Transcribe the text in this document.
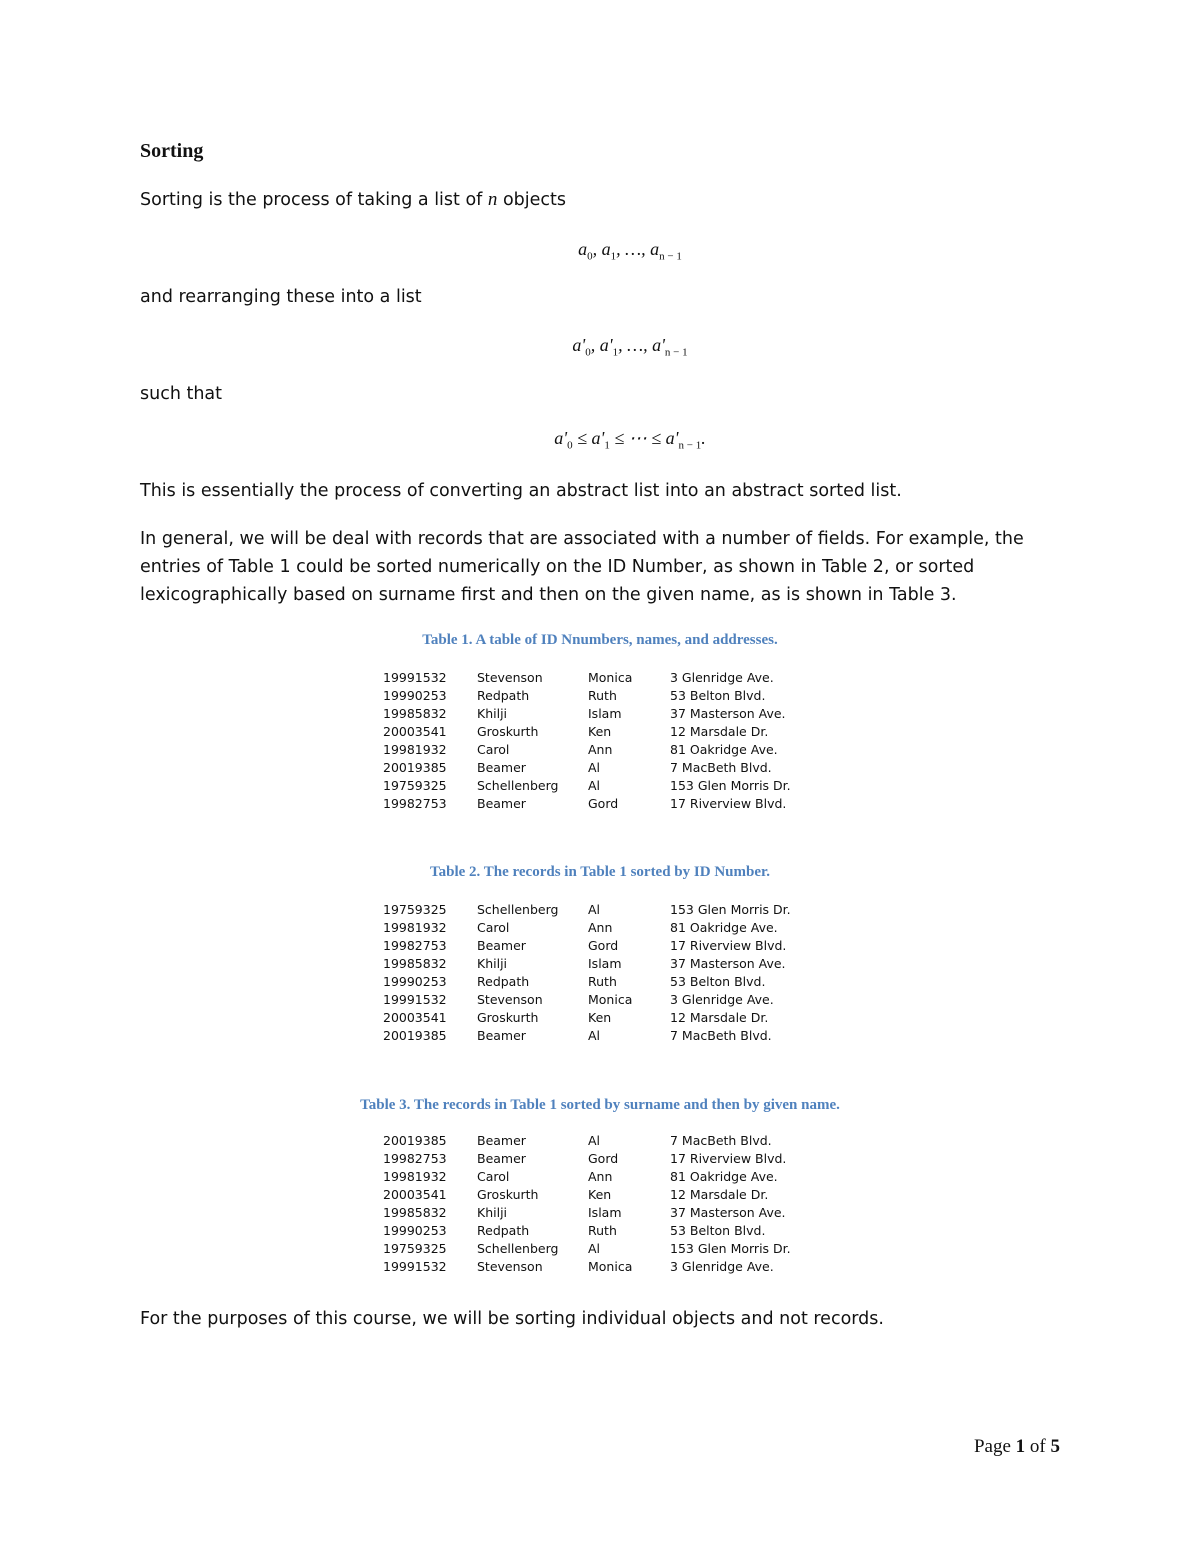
Sorting
Sorting is the process of taking a list of n objects
$a_0$, $a_1$, …, $a_{n - 1}$
and rearranging these into a list
$a'_0$, $a'_1$, …, $a'_{n - 1}$
such that
$a'_0 \le a'_1$ ≤ ⋯ ≤ $a'_{n - 1}$.
This is essentially the process of converting an abstract list into an abstract sorted list.
In general, we will be deal with records that are associated with a number of fields. For example, the entries of Table 1 could be sorted numerically on the ID Number, as shown in Table 2, or sorted lexicographically based on surname first and then on the given name, as is shown in Table 3.
Table 1. A table of ID Nnumbers, names, and addresses.
19991532	Stevenson	Monica	3 Glenridge Ave.
19990253	Redpath	Ruth	53 Belton Blvd.
19985832	Khilji	Islam	37 Masterson Ave.
20003541	Groskurth	Ken	12 Marsdale Dr.
19981932	Carol	Ann	81 Oakridge Ave.
20019385	Beamer	Al	7 MacBeth Blvd.
19759325	Schellenberg	Al	153 Glen Morris Dr.
19982753	Beamer	Gord	17 Riverview Blvd.
Table 2. The records in Table 1 sorted by ID Number.
19759325	Schellenberg	Al	153 Glen Morris Dr.
19981932	Carol	Ann	81 Oakridge Ave.
19982753	Beamer	Gord	17 Riverview Blvd.
19985832	Khilji	Islam	37 Masterson Ave.
19990253	Redpath	Ruth	53 Belton Blvd.
19991532	Stevenson	Monica	3 Glenridge Ave.
20003541	Groskurth	Ken	12 Marsdale Dr.
20019385	Beamer	Al	7 MacBeth Blvd.
Table 3. The records in Table 1 sorted by surname and then by given name.
20019385	Beamer	Al	7 MacBeth Blvd.
19982753	Beamer	Gord	17 Riverview Blvd.
19981932	Carol	Ann	81 Oakridge Ave.
20003541	Groskurth	Ken	12 Marsdale Dr.
19985832	Khilji	Islam	37 Masterson Ave.
19990253	Redpath	Ruth	53 Belton Blvd.
19759325	Schellenberg	Al	153 Glen Morris Dr.
19991532	Stevenson	Monica	3 Glenridge Ave.
For the purposes of this course, we will be sorting individual objects and not records.
Page 1 of 5
